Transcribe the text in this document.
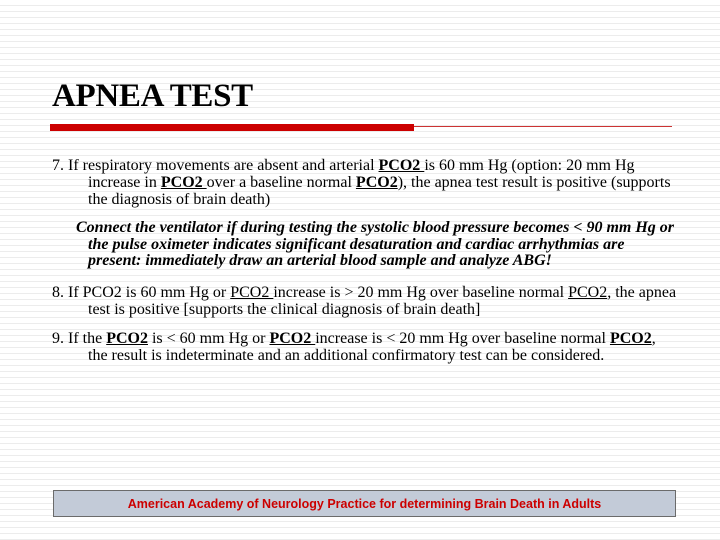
APNEA TEST

7. If respiratory movements are absent and arterial PCO2 is 60 mm Hg (option: 20 mm Hg increase in PCO2 over a baseline normal PCO2), the apnea test result is positive (supports the diagnosis of brain death)

Connect the ventilator if during testing the systolic blood pressure becomes < 90 mm Hg or the pulse oximeter indicates significant desaturation and cardiac arrhythmias are present: immediately draw an arterial blood sample and analyze ABG!

8. If PCO2 is 60 mm Hg or PCO2 increase is > 20 mm Hg over baseline normal PCO2, the apnea test is positive [supports the clinical diagnosis of brain death]

9. If the PCO2 is < 60 mm Hg or PCO2 increase is < 20 mm Hg over baseline normal PCO2, the result is indeterminate and an additional confirmatory test can be considered.

American Academy of Neurology Practice for determining Brain Death in Adults
